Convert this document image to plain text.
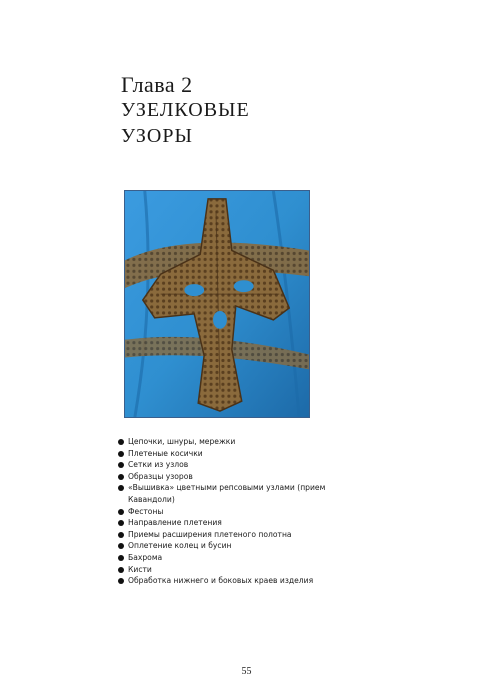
Глава 2
УЗЕЛКОВЫЕ
УЗОРЫ
Цепочки, шнуры, мережки
Плетеные косички
Сетки из узлов
Образцы узоров
«Вышивка» цветными репсовыми узлами (прием Кавандоли)
Фестоны
Направление плетения
Приемы расширения плетеного полотна
Оплетение колец и бусин
Бахрома
Кисти
Обработка нижнего и боковых краев изделия
55
